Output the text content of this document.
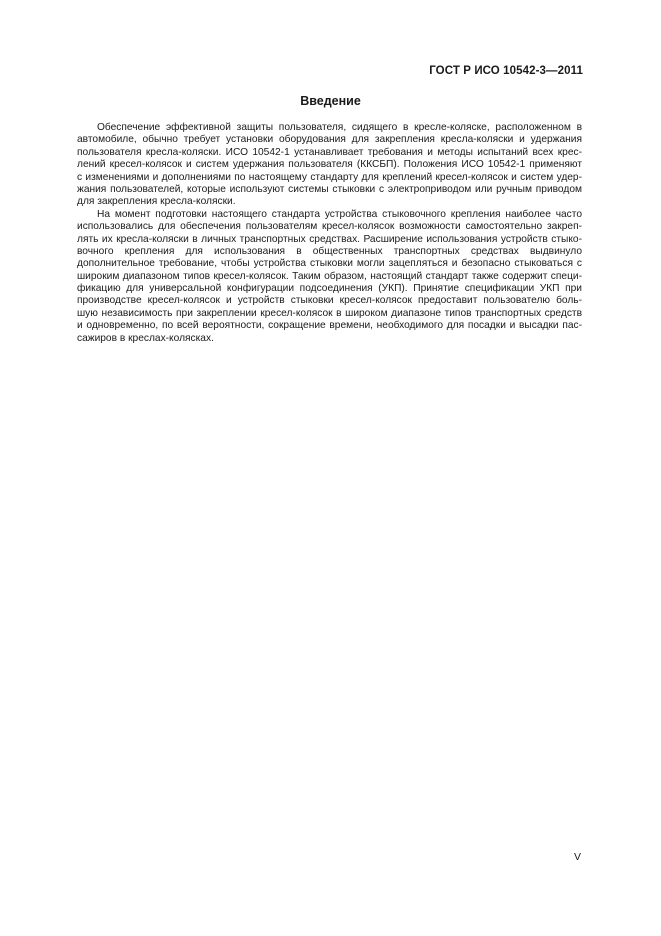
ГОСТ Р ИСО 10542-3—2011
Введение
Обеспечение эффективной защиты пользователя, сидящего в кресле-коляске, расположенном в
автомобиле, обычно требует установки оборудования для закрепления кресла-коляски и удержания
пользователя кресла-коляски. ИСО 10542-1 устанавливает требования и методы испытаний всех крес-
лений кресел-колясок и систем удержания пользователя (ККСБП). Положения ИСО 10542-1 применяют
с изменениями и дополнениями по настоящему стандарту для креплений кресел-колясок и систем удер-
жания пользователей, которые используют системы стыковки с электроприводом или ручным приводом
для закрепления кресла-коляски.
На момент подготовки настоящего стандарта устройства стыковочного крепления наиболее часто
использовались для обеспечения пользователям кресел-колясок возможности самостоятельно закреп-
лять их кресла-коляски в личных транспортных средствах. Расширение использования устройств стыко-
вочного крепления для использования в общественных транспортных средствах выдвинуло
дополнительное требование, чтобы устройства стыковки могли зацепляться и безопасно стыковаться с
широким диапазоном типов кресел-колясок. Таким образом, настоящий стандарт также содержит специ-
фикацию для универсальной конфигурации подсоединения (УКП). Принятие спецификации УКП при
производстве кресел-колясок и устройств стыковки кресел-колясок предоставит пользователю боль-
шую независимость при закреплении кресел-колясок в широком диапазоне типов транспортных средств
и одновременно, по всей вероятности, сокращение времени, необходимого для посадки и высадки пас-
сажиров в креслах-колясках.
V
